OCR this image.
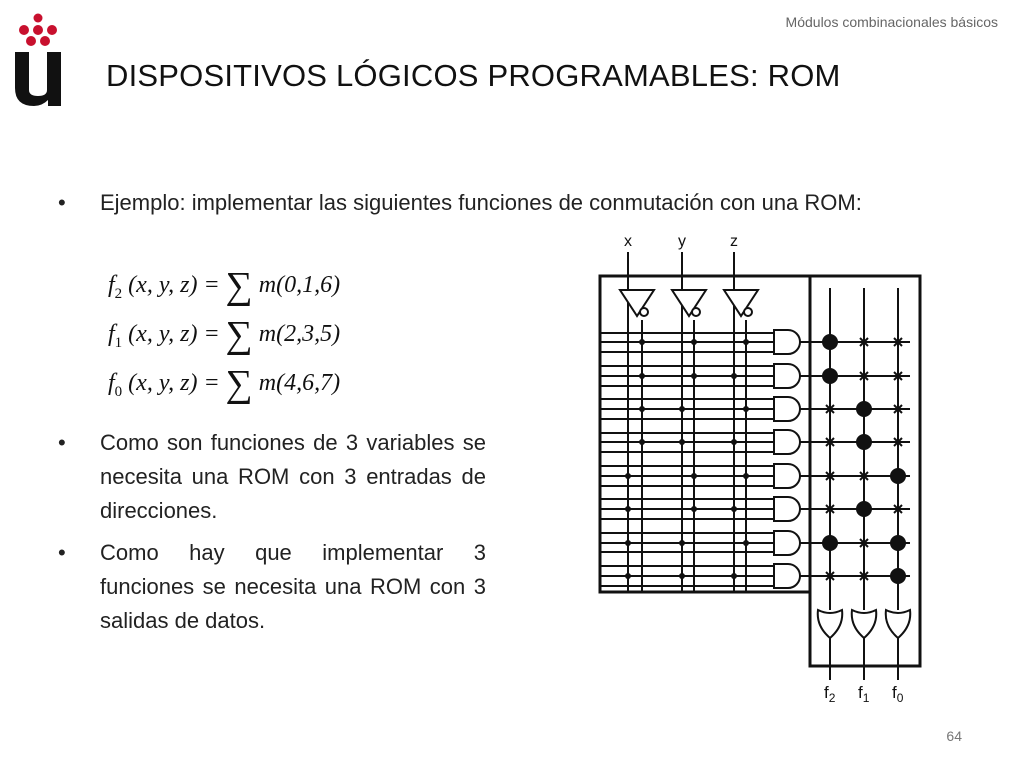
Módulos combinacionales básicos
DISPOSITIVOS LÓGICOS PROGRAMABLES: ROM
• Ejemplo: implementar las siguientes funciones de conmutación con una ROM:
$f_2$ (x, y, z) = ∑ m(0,1,6)
$f_1$ (x, y, z) = ∑ m(2,3,5)
$f_0$ (x, y, z) = ∑ m(4,6,7)
• Como son funciones de 3 variables se necesita una ROM con 3 entradas de direcciones.
• Como hay que implementar 3 funciones se necesita una ROM con 3 salidas de datos.
x	y	z
$f_2$ $f_1$ $f_0$
64
